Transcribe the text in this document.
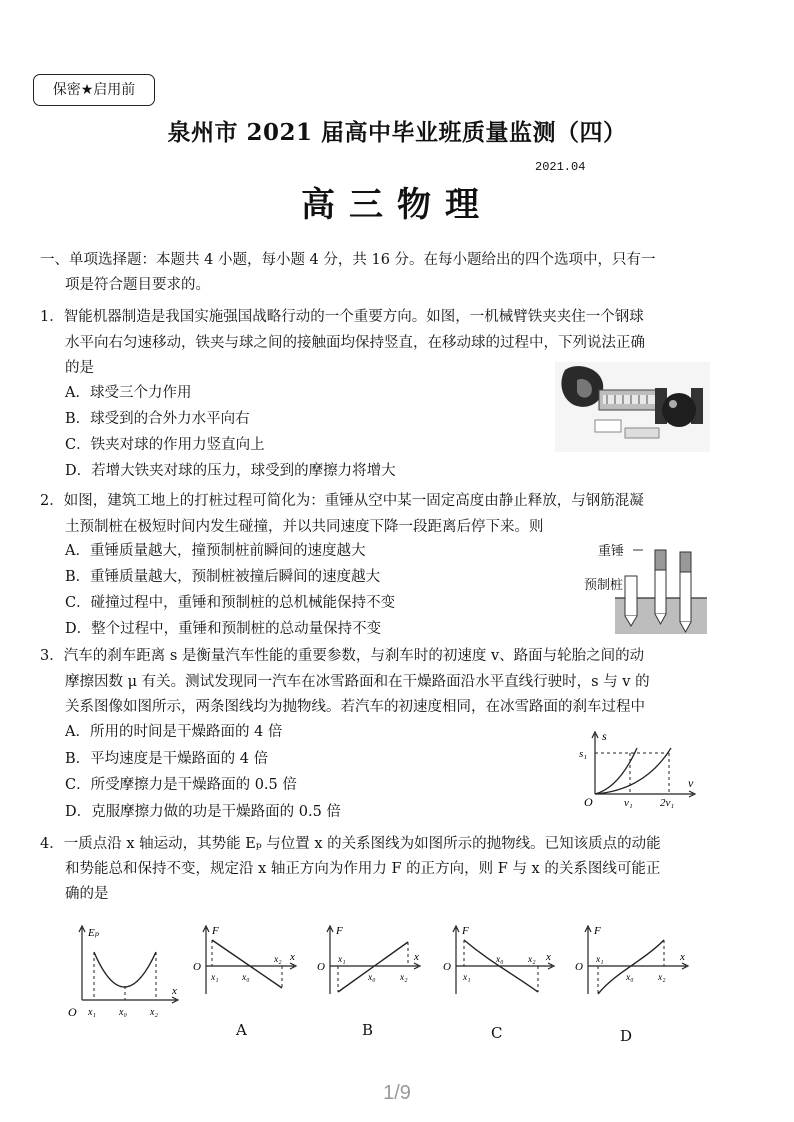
保密★启用前
泉州市 2021 届高中毕业班质量监测（四）
2021.04
高三物理
一、单项选择题：本题共 4 小题，每小题 4 分，共 16 分。在每小题给出的四个选项中，只有一
项是符合题目要求的。
1．智能机器制造是我国实施强国战略行动的一个重要方向。如图，一机械臂铁夹夹住一个钢球
水平向右匀速移动，铁夹与球之间的接触面均保持竖直，在移动球的过程中，下列说法正确
的是
A．球受三个力作用
B．球受到的合外力水平向右
C．铁夹对球的作用力竖直向上
D．若增大铁夹对球的压力，球受到的摩擦力将增大
2．如图，建筑工地上的打桩过程可简化为：重锤从空中某一固定高度由静止释放，与钢筋混凝
土预制桩在极短时间内发生碰撞，并以共同速度下降一段距离后停下来。则
A．重锤质量越大，撞预制桩前瞬间的速度越大
B．重锤质量越大，预制桩被撞后瞬间的速度越大
C．碰撞过程中，重锤和预制桩的总机械能保持不变
D．整个过程中，重锤和预制桩的总动量保持不变
重锤
预制桩
3．汽车的刹车距离 s 是衡量汽车性能的重要参数，与刹车时的初速度 v、路面与轮胎之间的动
摩擦因数 μ 有关。测试发现同一汽车在冰雪路面和在干燥路面沿水平直线行驶时，s 与 v 的
关系图像如图所示，两条图线均为抛物线。若汽车的初速度相同，在冰雪路面的刹车过程中
A．所用的时间是干燥路面的 4 倍
B．平均速度是干燥路面的 4 倍
C．所受摩擦力是干燥路面的 0.5 倍
D．克服摩擦力做的功是干燥路面的 0.5 倍
s
s₁
v
O	v₁ 2v₁
4．一质点沿 x 轴运动，其势能 Eₚ 与位置 x 的关系图线为如图所示的抛物线。已知该质点的动能
和势能总和保持不变，规定沿 x 轴正方向为作用力 F 的正方向，则 F 与 x 的关系图线可能正
确的是
Eₚ
x
O x₁ x₀ x₂
F
x
O
x₁ x₀
x₂
A
F
x
O
x₁
x₀	x₂
B
F
x
O
x₁
x₀	x₂
C
F
x
O
x₁
x₀	x₂
D
1/9
